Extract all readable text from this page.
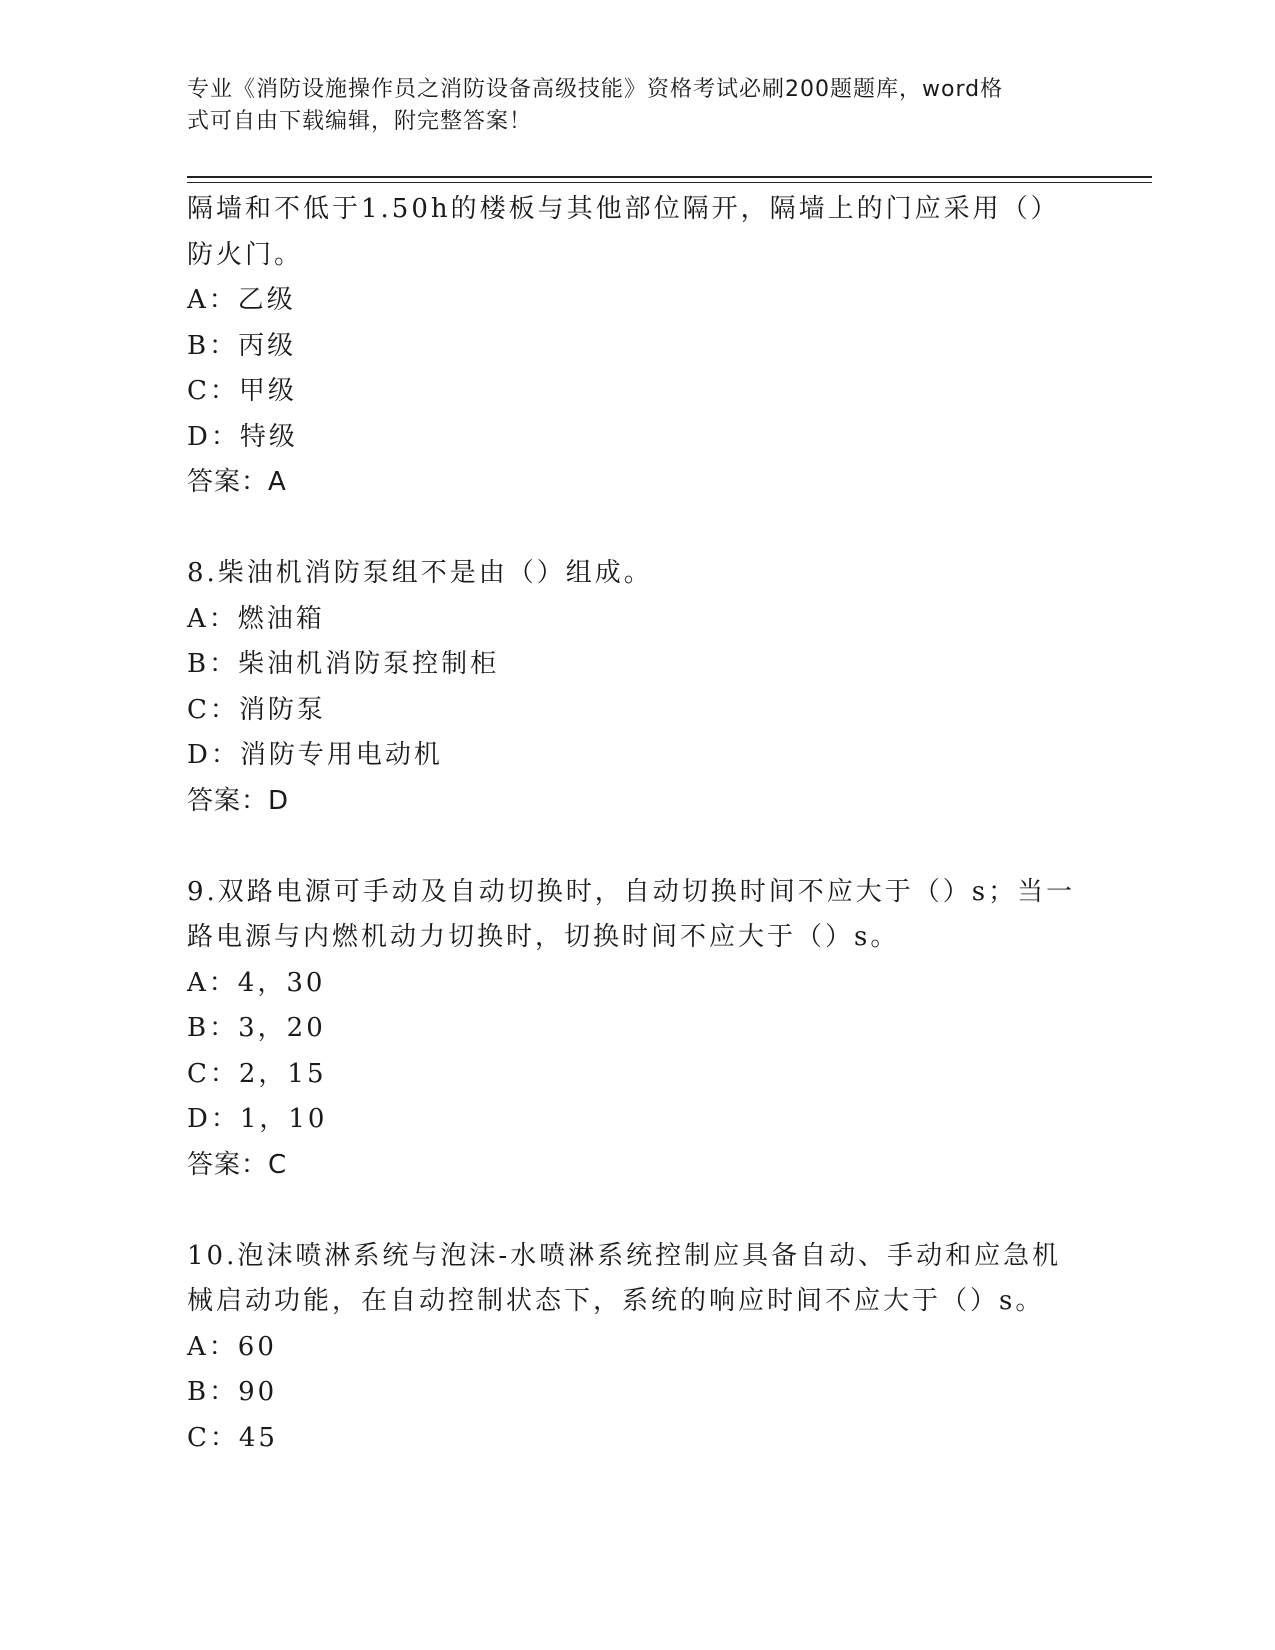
专业《消防设施操作员之消防设备高级技能》资格考试必刷200题题库，word格
式可自由下载编辑，附完整答案！
隔墙和不低于1.50h的楼板与其他部位隔开，隔墙上的门应采用（）
防火门。
A：乙级
B：丙级
C：甲级
D：特级
答案：A
8.柴油机消防泵组不是由（）组成。
A：燃油箱
B：柴油机消防泵控制柜
C：消防泵
D：消防专用电动机
答案：D
9.双路电源可手动及自动切换时，自动切换时间不应大于（）s；当一
路电源与内燃机动力切换时，切换时间不应大于（）s。
A：4，30
B：3，20
C：2，15
D：1，10
答案：C
10.泡沫喷淋系统与泡沫-水喷淋系统控制应具备自动、手动和应急机
械启动功能，在自动控制状态下，系统的响应时间不应大于（）s。
A：60
B：90
C：45
